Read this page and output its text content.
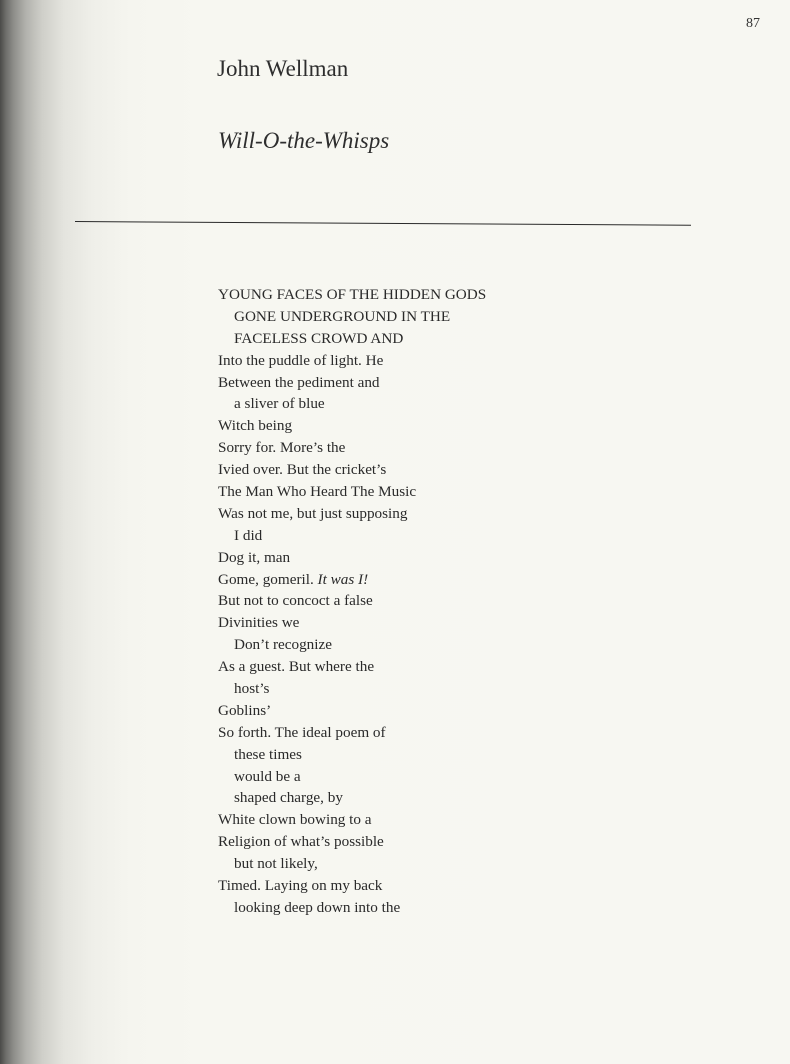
87
John Wellman
Will-O-the-Whisps
YOUNG FACES OF THE HIDDEN GODS
GONE UNDERGROUND IN THE
FACELESS CROWD AND
Into the puddle of light. He
Between the pediment and
a sliver of blue
Witch being
Sorry for. More’s the
Ivied over. But the cricket’s
The Man Who Heard The Music
Was not me, but just supposing
I did
Dog it, man
Gome, gomeril. It was I!
But not to concoct a false
Divinities we
Don’t recognize
As a guest. But where the
host’s
Goblins’
So forth. The ideal poem of
these times
would be a
shaped charge, by
White clown bowing to a
Religion of what’s possible
but not likely,
Timed. Laying on my back
looking deep down into the
